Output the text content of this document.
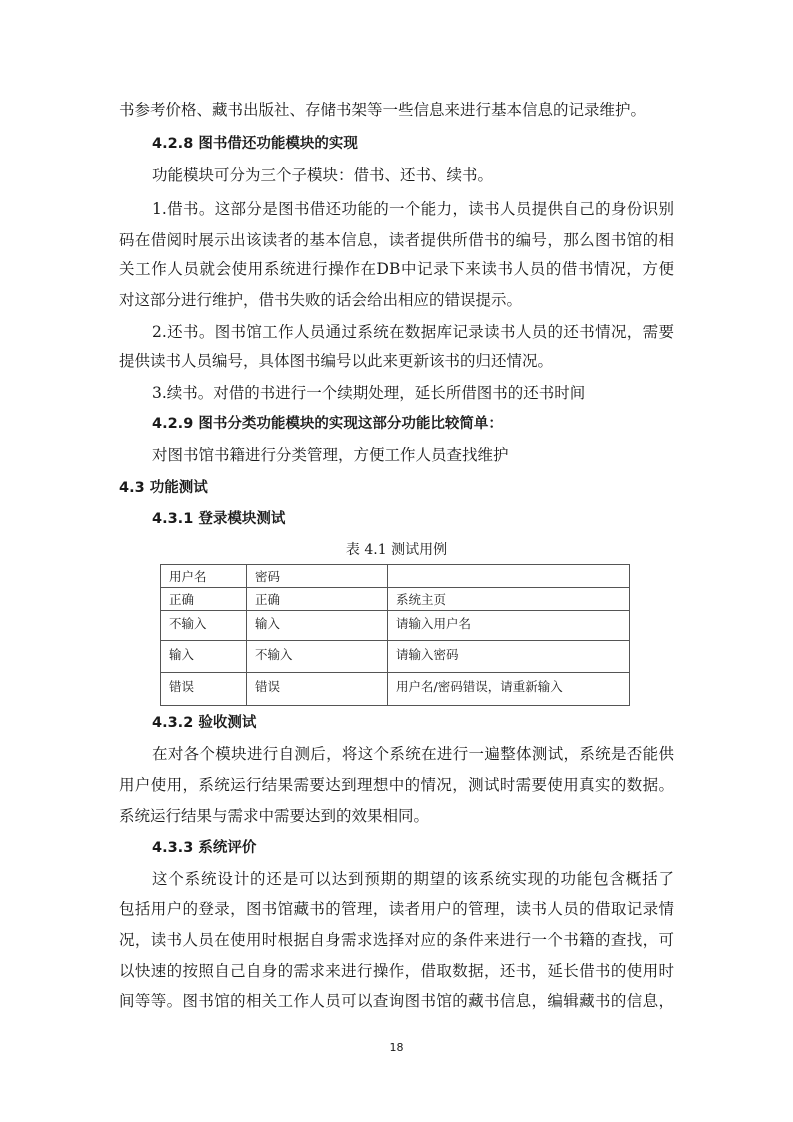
书参考价格、藏书出版社、存储书架等一些信息来进行基本信息的记录维护。
4.2.8 图书借还功能模块的实现
功能模块可分为三个子模块：借书、还书、续书。
1.借书。这部分是图书借还功能的一个能力，读书人员提供自己的身份识别
码在借阅时展示出该读者的基本信息，读者提供所借书的编号，那么图书馆的相
关工作人员就会使用系统进行操作在DB中记录下来读书人员的借书情况，方便
对这部分进行维护，借书失败的话会给出相应的错误提示。
2.还书。图书馆工作人员通过系统在数据库记录读书人员的还书情况，需要
提供读书人员编号，具体图书编号以此来更新该书的归还情况。
3.续书。对借的书进行一个续期处理，延长所借图书的还书时间
4.2.9 图书分类功能模块的实现这部分功能比较简单：
对图书馆书籍进行分类管理，方便工作人员查找维护
4.3 功能测试
4.3.1 登录模块测试
表 4.1 测试用例
用户名	密码	
正确	正确	系统主页
不输入	输入	请输入用户名
输入	不输入	请输入密码
错误	错误	用户名/密码错误，请重新输入
4.3.2 验收测试
在对各个模块进行自测后，将这个系统在进行一遍整体测试，系统是否能供
用户使用，系统运行结果需要达到理想中的情况，测试时需要使用真实的数据。
系统运行结果与需求中需要达到的效果相同。
4.3.3 系统评价
这个系统设计的还是可以达到预期的期望的该系统实现的功能包含概括了
包括用户的登录，图书馆藏书的管理，读者用户的管理，读书人员的借取记录情
况，读书人员在使用时根据自身需求选择对应的条件来进行一个书籍的查找，可
以快速的按照自己自身的需求来进行操作，借取数据，还书，延长借书的使用时
间等等。图书馆的相关工作人员可以查询图书馆的藏书信息，编辑藏书的信息，
18
